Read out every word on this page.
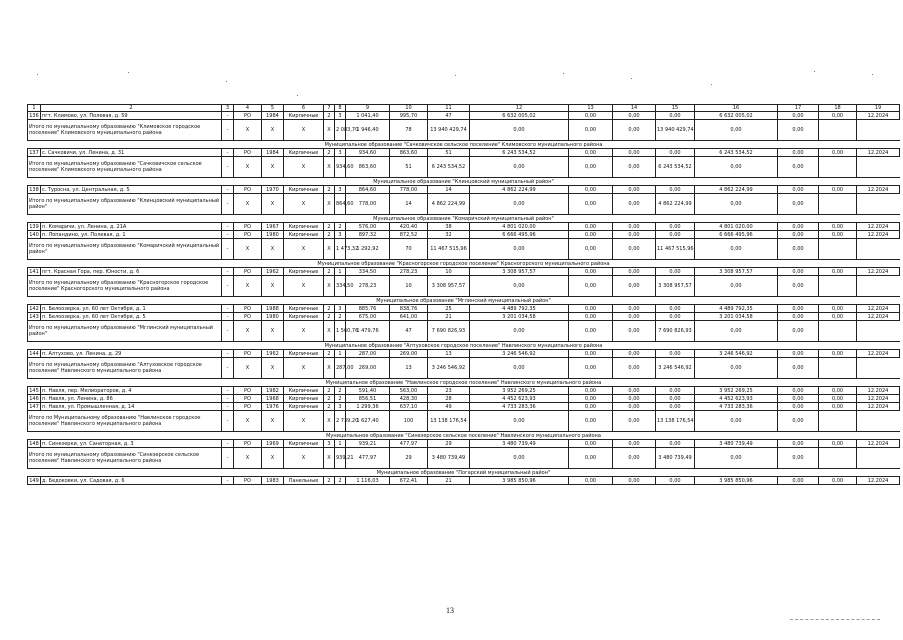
1	2	3	4	5	6	7	8	9	10	11	12	13	14	15	16	17	18	19
136	пгт. Климово, ул. Полевая, д. 59	-	РО	1984	Кирпичные	2	3	1 041,40	995,70	47	6 632 005,02	0,00	0,00	0,00	6 632 005,02	0,00	0,00	12.2024
Итого по муниципальному образованию "Климовское городское поселение" Климовского муниципального района		-	X	X	X	X	2 083,70	1 946,40	78	13 940 429,74	0,00	0,00	0,00	13 940 429,74	0,00	0,00		
Муниципальное образование "Сачковичское сельское поселение" Климовского муниципального района																		
137	с. Сачковичи, ул. Ленина, д. 31	-	РО	1984	Кирпичные	2	3	934,60	863,60	51	6 243 534,52	0,00	0,00	0,00	6 243 534,52	0,00	0,00	12.2024
Итого по муниципальному образованию "Сачковичское сельское поселение" Климовского муниципального района		-	X	X	X	X	934,60	863,60	51	6 243 534,52	0,00	0,00	0,00	6 243 534,52	0,00	0,00		
Муниципальное образование "Клинцовский муниципальный район"																		
138	с. Туросна, ул. Центральная, д. 5	-	РО	1970	Кирпичные	2	3	864,60	778,00	14	4 862 224,99	0,00	0,00	0,00	4 862 224,99	0,00	0,00	12.2024
Итого по муниципальному образованию "Клинцовский муниципальный район"		-	X	X	X	X	864,60	778,00	14	4 862 224,99	0,00	0,00	0,00	4 862 224,99	0,00	0,00		
Муниципальное образование "Комаричский муниципальный район"																		
139	п. Комаричи, ул. Ленина, д. 21А	-	РО	1967	Кирпичные	2	2	576,00	420,40	38	4 801 020,00	0,00	0,00	0,00	4 801 020,00	0,00	0,00	12.2024
140	п. Лопандино, ул. Полевая, д. 1	-	РО	1980	Кирпичные	2	3	897,32	872,52	32	6 666 495,96	0,00	0,00	0,00	6 666 495,96	0,00	0,00	12.2024
Итого по муниципальному образованию "Комаричский муниципальный район"		-	X	X	X	X	1 473,32	1 292,92	70	11 467 515,96	0,00	0,00	0,00	11 467 515,96	0,00	0,00		
Муниципальное образование "Красногорское городское поселение" Красногорского муниципального района																		
141	пгт. Красная Гора, пер. Юности, д. 6	-	РО	1962	Кирпичные	2	1	334,50	278,23	10	3 308 957,57	0,00	0,00	0,00	3 308 957,57	0,00	0,00	12.2024
Итого по муниципальному образованию "Красногорское городское поселение" Красногорского муниципального района		-	X	X	X	X	334,50	278,23	10	3 308 957,57	0,00	0,00	0,00	3 308 957,57	0,00	0,00		
Муниципальное образование "Мглинский муниципальный район"																		
142	п. Белоозерка, ул. 60 лет Октября, д. 1	-	РО	1988	Кирпичные	2	3	885,76	838,76	25	4 489 792,35	0,00	0,00	0,00	4 489 792,35	0,00	0,00	12.2024
143	п. Белоозерка, ул. 60 лет Октября, д. 5	-	РО	1980	Кирпичные	2	2	675,00	641,00	21	3 201 034,58	0,00	0,00	0,00	3 201 034,58	0,00	0,00	12.2024
Итого по муниципальному образованию "Мглинский муниципальный район"		-	X	X	X	X	1 560,76	1 479,76	47	7 690 826,93	0,00	0,00	0,00	7 690 826,93	0,00	0,00		
Муниципальное образование "Алтуховское городское поселение" Навлинского муниципального района																		
144	п. Алтухово, ул. Ленина, д. 29	-	РО	1962	Кирпичные	2	1	287,00	269,00	13	3 246 546,92	0,00	0,00	0,00	3 246 546,92	0,00	0,00	12.2024
Итого по муниципальному образованию "Алтуховское городское поселение" Навлинского муниципального района		-	X	X	X	X	287,00	269,00	13	3 246 546,92	0,00	0,00	0,00	3 246 546,92	0,00	0,00		
Муниципальное образование "Навлинское городское поселение" Навлинского муниципального района																		
145	п. Навля, пер. Мелиораторов, д. 4	-	РО	1982	Кирпичные	2	2	591,40	563,00	23	3 952 269,25	0,00	0,00	0,00	3 952 269,25	0,00	0,00	12.2024
146	п. Навля, ул. Ленина, д. 86	-	РО	1968	Кирпичные	2	2	856,51	428,30	28	4 452 623,93	0,00	0,00	0,00	4 452 623,93	0,00	0,00	12.2024
147	п. Навля, ул. Промышленная, д. 14	-	РО	1976	Кирпичные	2	3	1 299,36	637,10	49	4 733 283,36	0,00	0,00	0,00	4 733 283,36	0,00	0,00	12.2024
Итого по Муниципальному образованию "Навлинское городское поселение" Навлинского муниципального района		-	X	X	X	X	2 739,20	1 627,40	100	13 138 176,54	0,00	0,00	0,00	13 138 176,54	0,00	0,00		
Муниципальное образование "Синезерское сельское поселение" Навлинского муниципального района																		
148	п. Синезерки, ул. Санаторная, д. 3	-	РО	1969	Кирпичные	3	1	939,21	477,97	29	3 480 739,49	0,00	0,00	0,00	3 480 739,49	0,00	0,00	12.2024
Итого по муниципальному образованию "Синезерское сельское поселение" Навлинского муниципального района		-	X	X	X	X	939,21	477,97	29	3 480 739,49	0,00	0,00	0,00	3 480 739,49	0,00	0,00		
Муниципальное образование "Погарский муниципальный район"																		
149	д. Бедоковки, ул. Садовая, д. 6	-	РО	1983	Панельные	2	2	1 116,03	672,41	21	3 985 850,96	0,00	0,00	0,00	3 985 850,96	0,00	0,00	12.2024
13
